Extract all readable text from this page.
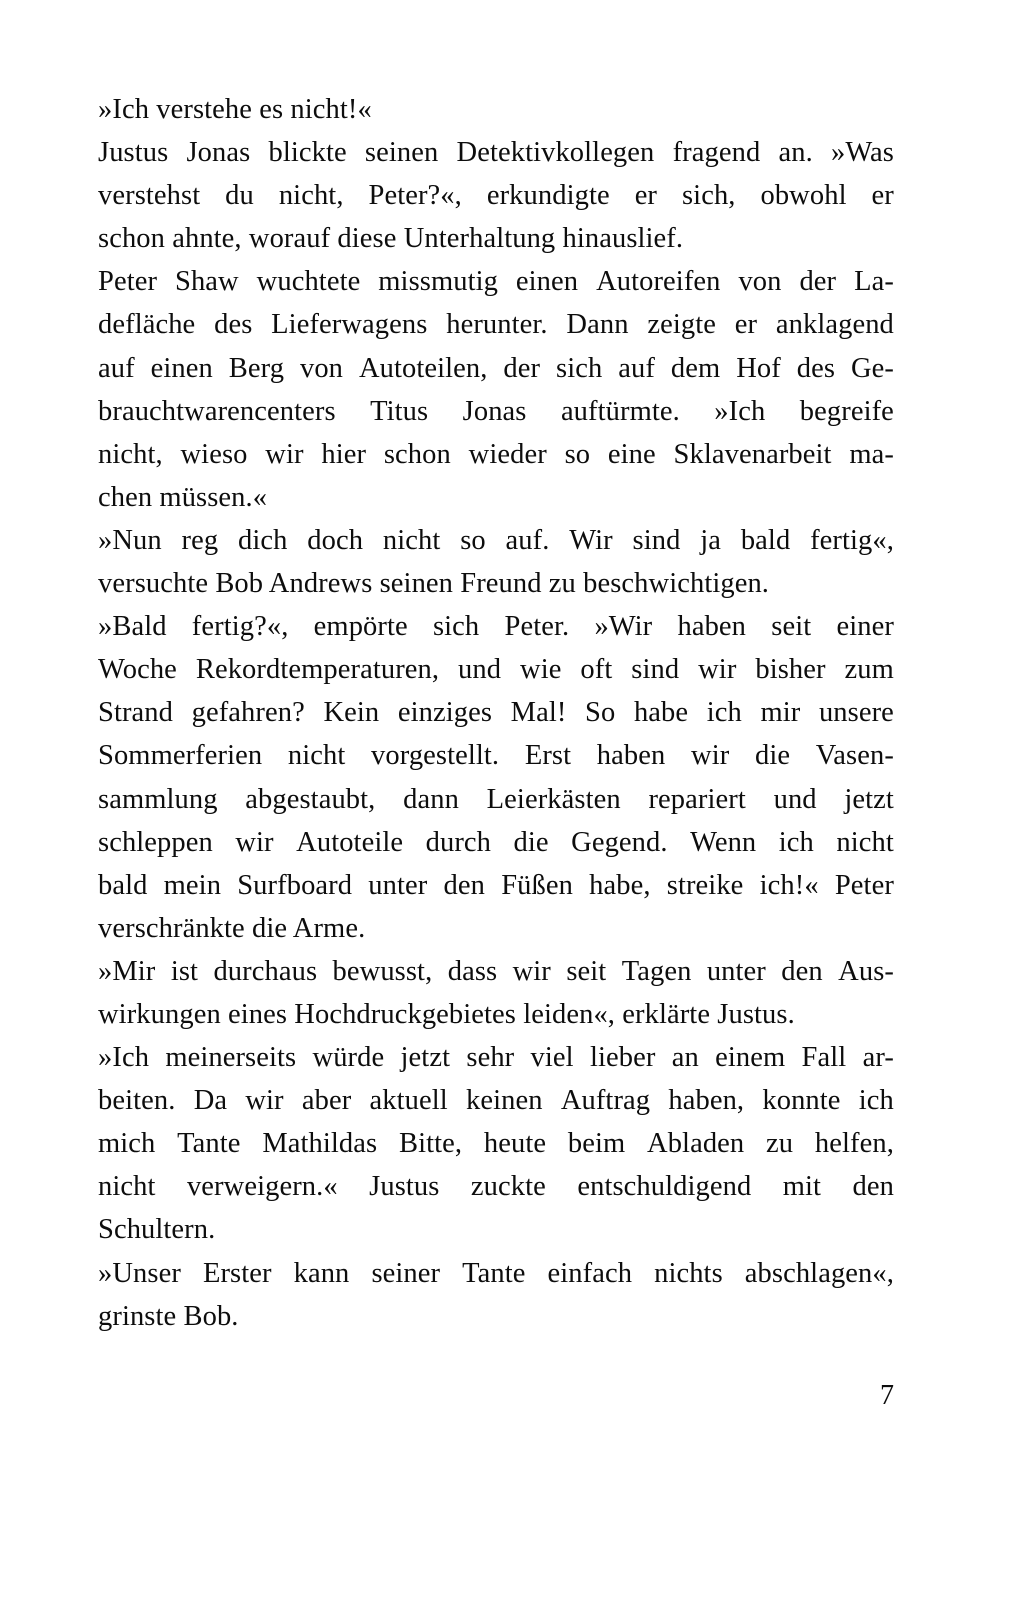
»Ich verstehe es nicht!«

Justus Jonas blickte seinen Detektivkollegen fragend an. »Was
verstehst du nicht, Peter?«, erkundigte er sich, obwohl er
schon ahnte, worauf diese Unterhaltung hinauslief.

Peter Shaw wuchtete missmutig einen Autoreifen von der La-
defläche des Lieferwagens herunter. Dann zeigte er anklagend
auf einen Berg von Autoteilen, der sich auf dem Hof des Ge-
brauchtwarencenters Titus Jonas auftürmte. »Ich begreife
nicht, wieso wir hier schon wieder so eine Sklavenarbeit ma-
chen müssen.«

»Nun reg dich doch nicht so auf. Wir sind ja bald fertig«,
versuchte Bob Andrews seinen Freund zu beschwichtigen.

»Bald fertig?«, empörte sich Peter. »Wir haben seit einer
Woche Rekordtemperaturen, und wie oft sind wir bisher zum
Strand gefahren? Kein einziges Mal! So habe ich mir unsere
Sommerferien nicht vorgestellt. Erst haben wir die Vasen-
sammlung abgestaubt, dann Leierkästen repariert und jetzt
schleppen wir Autoteile durch die Gegend. Wenn ich nicht
bald mein Surfboard unter den Füßen habe, streike ich!« Peter
verschränkte die Arme.

»Mir ist durchaus bewusst, dass wir seit Tagen unter den Aus-
wirkungen eines Hochdruckgebietes leiden«, erklärte Justus.

»Ich meinerseits würde jetzt sehr viel lieber an einem Fall ar-
beiten. Da wir aber aktuell keinen Auftrag haben, konnte ich
mich Tante Mathildas Bitte, heute beim Abladen zu helfen,
nicht verweigern.« Justus zuckte entschuldigend mit den
Schultern.

»Unser Erster kann seiner Tante einfach nichts abschlagen«,
grinste Bob.

7
